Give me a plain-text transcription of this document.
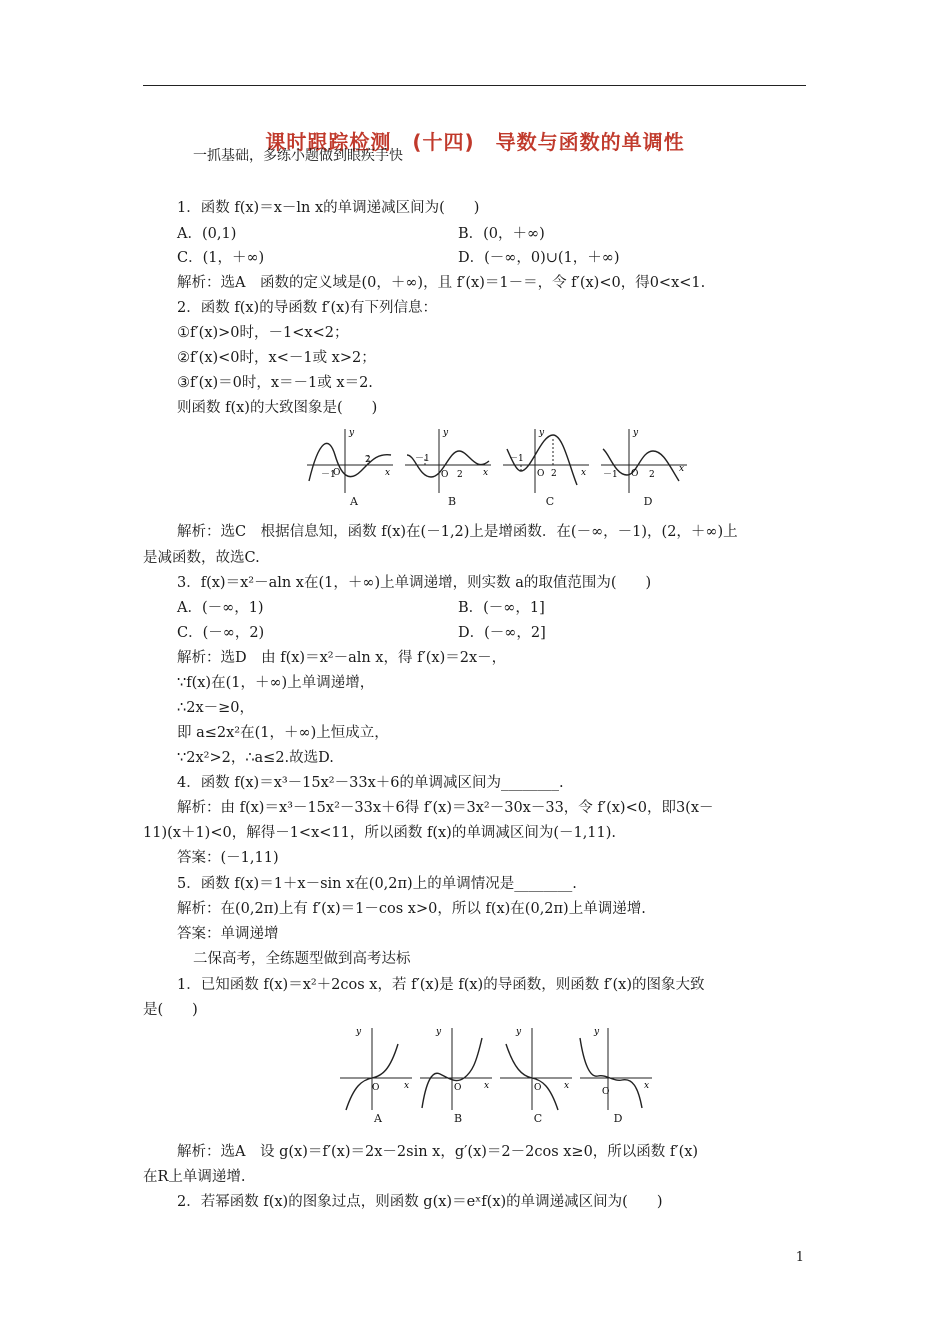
课时跟踪检测　(十四)　导数与函数的单调性
一抓基础，多练小题做到眼疾手快
1．函数 f(x)＝x－ln x的单调递减区间为(　　)
A．(0,1)	B．(0，＋∞)
C．(1，＋∞)	D．(－∞，0)∪(1，＋∞)
解析：选A　函数的定义域是(0，＋∞)，且 f′(x)＝1－＝，令 f′(x)<0，得0<x<1.
2．函数 f(x)的导函数 f′(x)有下列信息：
①f′(x)>0时，－1<x<2；
②f′(x)<0时，x<－1或 x>2；
③f′(x)＝0时，x＝－1或 x＝2.
则函数 f(x)的大致图象是(　　)
y
x
O
－1
2
A
y
x
O
－1
2
B
y
x
O
－1
2
C
y
x
O
－1	2
D
解析：选C　根据信息知，函数 f(x)在(－1,2)上是增函数．在(－∞，－1)，(2，＋∞)上
是减函数，故选C.
3．f(x)＝x²－aln x在(1，＋∞)上单调递增，则实数 a的取值范围为(　　)
A．(－∞，1)	B．(－∞，1]
C．(－∞，2)	D．(－∞，2]
解析：选D　由 f(x)＝x²－aln x，得 f′(x)＝2x－，
∵f(x)在(1，＋∞)上单调递增，
∴2x－≥0，
即 a≤2x²在(1，＋∞)上恒成立，
∵2x²>2，∴a≤2.故选D.
4．函数 f(x)＝x³－15x²－33x＋6的单调减区间为________.
解析：由 f(x)＝x³－15x²－33x＋6得 f′(x)＝3x²－30x－33，令 f′(x)<0，即3(x－
11)(x＋1)<0，解得－1<x<11，所以函数 f(x)的单调减区间为(－1,11).
答案：(－1,11)
5．函数 f(x)＝1＋x－sin x在(0,2π)上的单调情况是________.
解析：在(0,2π)上有 f′(x)＝1－cos x>0，所以 f(x)在(0,2π)上单调递增.
答案：单调递增
二保高考，全练题型做到高考达标
1．已知函数 f(x)＝x²＋2cos x，若 f′(x)是 f(x)的导函数，则函数 f′(x)的图象大致
是(　　)
y
x
O
A
y
x
O
B
y
x
O
C
y
x
O
D
解析：选A　设 g(x)＝f′(x)＝2x－2sin x，g′(x)＝2－2cos x≥0，所以函数 f′(x)
在R上单调递增.
2．若幂函数 f(x)的图象过点，则函数 g(x)＝eˣf(x)的单调递减区间为(　　)
1
